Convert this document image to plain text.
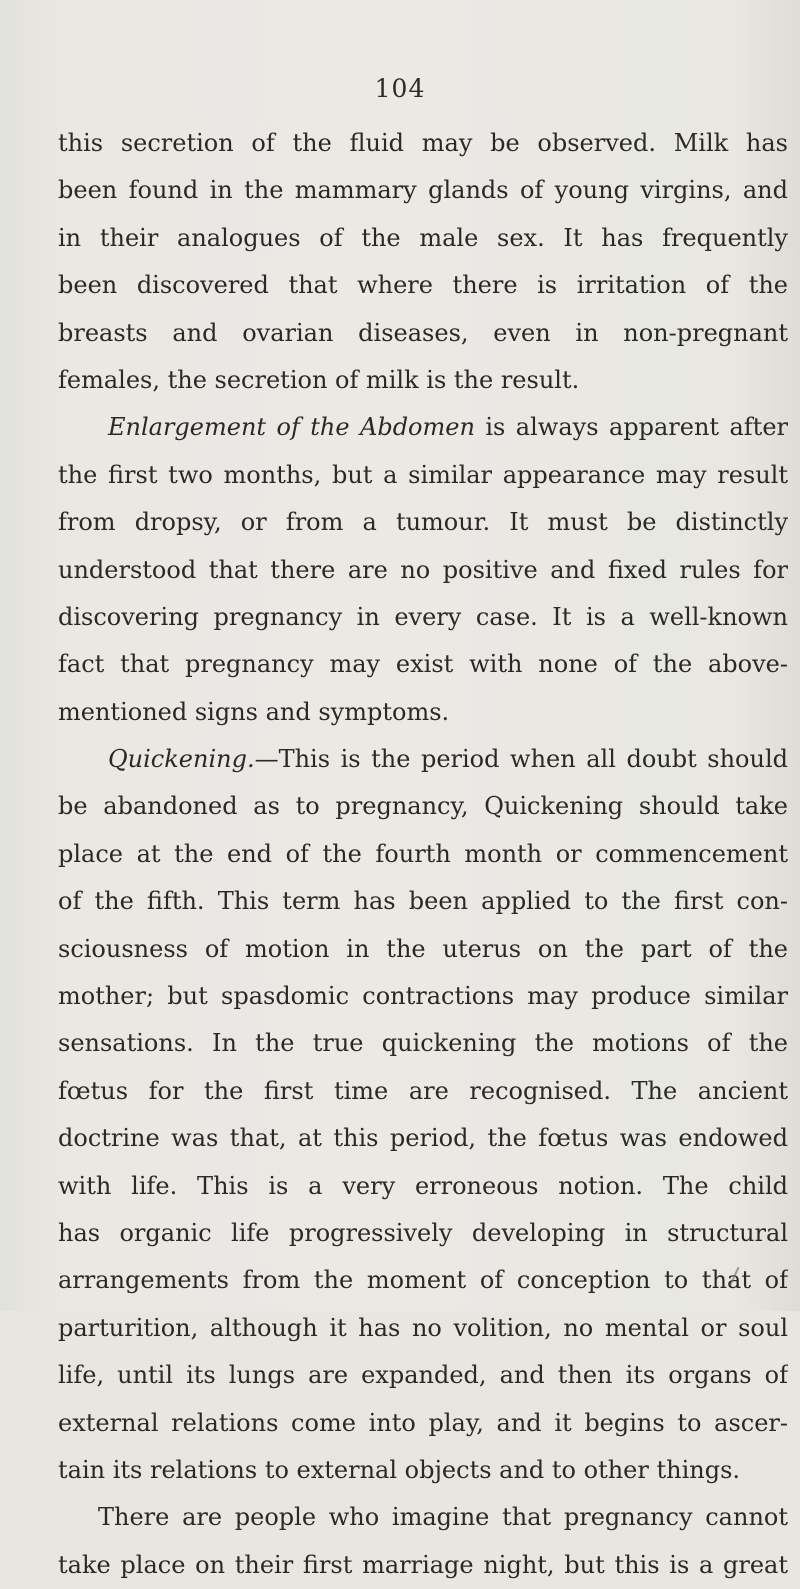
104
this secretion of the fluid may be observed. Milk has
been found in the mammary glands of young virgins, and
in their analogues of the male sex. It has frequently
been discovered that where there is irritation of the
breasts and ovarian diseases, even in non-pregnant
females, the secretion of milk is the result.
Enlargement of the Abdomen is always apparent after
the first two months, but a similar appearance may result
from dropsy, or from a tumour. It must be distinctly
understood that there are no positive and fixed rules for
discovering pregnancy in every case. It is a well-known
fact that pregnancy may exist with none of the above-
mentioned signs and symptoms.
Quickening.—This is the period when all doubt should
be abandoned as to pregnancy, Quickening should take
place at the end of the fourth month or commencement
of the fifth. This term has been applied to the first con-
sciousness of motion in the uterus on the part of the
mother; but spasdomic contractions may produce similar
sensations. In the true quickening the motions of the
fœtus for the first time are recognised. The ancient
doctrine was that, at this period, the fœtus was endowed
with life. This is a very erroneous notion. The child
has organic life progressively developing in structural
arrangements from the moment of conception to that of
parturition, although it has no volition, no mental or soul
life, until its lungs are expanded, and then its organs of
external relations come into play, and it begins to ascer-
tain its relations to external objects and to other things.
There are people who imagine that pregnancy cannot
take place on their first marriage night, but this is a great
